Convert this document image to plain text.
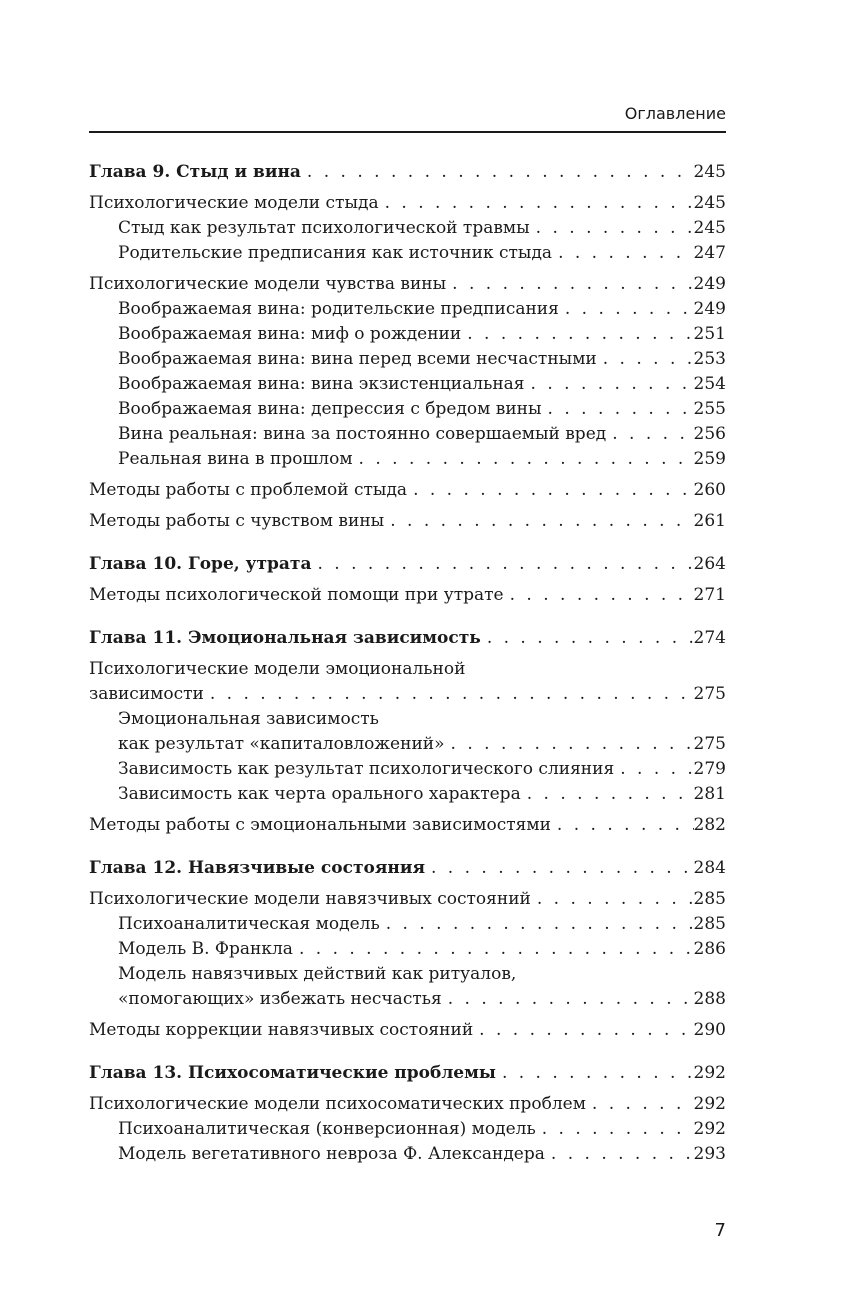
Оглавление
Глава 9. Стыд и вина . . .	245
Психологические модели стыда . . .	245
Стыд как результат психологической травмы . . .	245
Родительские предписания как источник стыда . . .	247
Психологические модели чувства вины . . .	249
Воображаемая вина: родительские предписания . . .	249
Воображаемая вина: миф о рождении . . .	251
Воображаемая вина: вина перед всеми несчастными . . .	253
Воображаемая вина: вина экзистенциальная . . .	254
Воображаемая вина: депрессия с бредом вины . . .	255
Вина реальная: вина за постоянно совершаемый вред . . .	256
Реальная вина в прошлом . . .	259
Методы работы с проблемой стыда . . .	260
Методы работы с чувством вины . . .	261
Глава 10. Горе, утрата . . .	264
Методы психологической помощи при утрате . . .	271
Глава 11. Эмоциональная зависимость . . .	274
Психологические модели эмоциональной
зависимости . . .	275
Эмоциональная зависимость
как результат «капиталовложений» . . .	275
Зависимость как результат психологического слияния . . .	279
Зависимость как черта орального характера . . .	281
Методы работы с эмоциональными зависимостями . . .	282
Глава 12. Навязчивые состояния . . .	284
Психологические модели навязчивых состояний . . .	285
Психоаналитическая модель . . .	285
Модель В. Франкла . . .	286
Модель навязчивых действий как ритуалов,
«помогающих» избежать несчастья . . .	288
Методы коррекции навязчивых состояний . . .	290
Глава 13. Психосоматические проблемы . . .	292
Психологические модели психосоматических проблем . . .	292
Психоаналитическая (конверсионная) модель . . .	292
Модель вегетативного невроза Ф. Александера . . .	293
7
